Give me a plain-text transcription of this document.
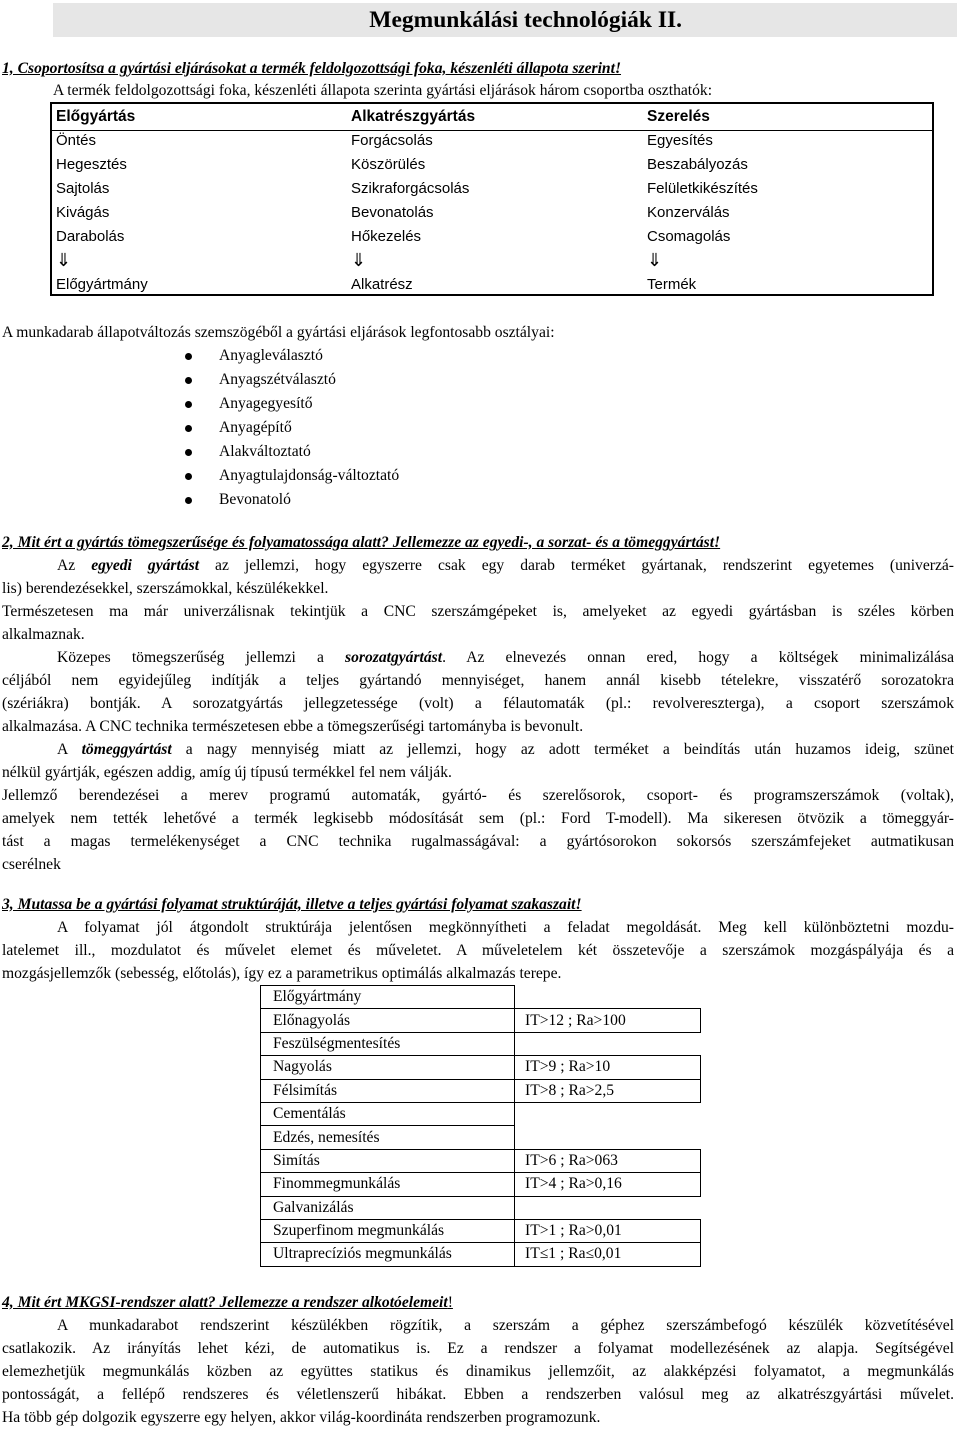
Megmunkálási technológiák II.
1, Csoportosítsa a gyártási eljárásokat a termék feldolgozottsági foka, készenléti állapota szerint!
A termék feldolgozottsági foka, készenléti állapota szerinta gyártási eljárások három csoportba oszthatók:
Előgyártás	Alkatrészgyártás	Szerelés
Öntés	Forgácsolás	Egyesítés
Hegesztés	Köszörülés	Beszabályozás
Sajtolás	Szikraforgácsolás	Felületkikészítés
Kivágás	Bevonatolás	Konzerválás
Darabolás	Hőkezelés	Csomagolás
⇓	⇓	⇓
Előgyártmány	Alkatrész	Termék
A munkadarab állapotváltozás szemszögéből a gyártási eljárások legfontosabb osztályai:
Anyagleválasztó
Anyagszétválasztó
Anyagegyesítő
Anyagépítő
Alakváltoztató
Anyagtulajdonság-változtató
Bevonatoló
2, Mit ért a gyártás tömegszerűsége és folyamatossága alatt? Jellemezze az egyedi-, a sorzat- és a tömeggyártást!
Az egyedi gyártást az jellemzi, hogy egyszerre csak egy darab terméket gyártanak, rendszerint egyetemes (univerzá-
lis) berendezésekkel, szerszámokkal, készülékekkel.
Természetesen ma már univerzálisnak tekintjük a CNC szerszámgépeket is, amelyeket az egyedi gyártásban is széles körben
alkalmaznak.
Közepes tömegszerűség jellemzi a sorozatgyártást. Az elnevezés onnan ered, hogy a költségek minimalizálása
céljából nem egyidejűleg indítják a teljes gyártandó mennyiséget, hanem annál kisebb tételekre, visszatérő sorozatokra
(szériákra) bontják. A sorozatgyártás jellegzetessége (volt) a félautomaták (pl.: revolvereszterga), a csoport szerszámok
alkalmazása. A CNC technika természetesen ebbe a tömegszerűségi tartományba is bevonult.
A tömeggyártást a nagy mennyiség miatt az jellemzi, hogy az adott terméket a beindítás után huzamos ideig, szünet
nélkül gyártják, egészen addig, amíg új típusú termékkel fel nem válják.
Jellemző berendezései a merev programú automaták, gyártó- és szerelősorok, csoport- és programszerszámok (voltak),
amelyek nem tették lehetővé a termék legkisebb módosítását sem (pl.: Ford T-modell). Ma sikeresen ötvözik a tömeggyár-
tást a magas termelékenységet a CNC technika rugalmasságával: a gyártósorokon sokorsós szerszámfejeket autmatikusan
cserélnek
3, Mutassa be a gyártási folyamat struktúráját, illetve a teljes gyártási folyamat szakaszait!
A folyamat jól átgondolt struktúrája jelentősen megkönnyítheti a feladat megoldását. Meg kell különböztetni mozdu-
latelemet ill., mozdulatot és művelet elemet és műveletet. A műveletelem két összetevője a szerszámok mozgáspályája és a
mozgásjellemzők (sebesség, előtolás), így ez a parametrikus optimálás alkalmazás terepe.
Előgyártmány	
Előnagyolás	IT>12 ; Ra>100
Feszülségmentesítés	
Nagyolás	IT>9 ; Ra>10
Félsimítás	IT>8 ; Ra>2,5
Cementálás	
Edzés, nemesítés	
Simítás	IT>6 ; Ra>063
Finommegmunkálás	IT>4 ; Ra>0,16
Galvanizálás	
Szuperfinom megmunkálás	IT>1 ; Ra>0,01
Ultraprecíziós megmunkálás	IT≤1 ; Ra≤0,01
4, Mit ért MKGSI-rendszer alatt? Jellemezze a rendszer alkotóelemeit!
A munkadarabot rendszerint készülékben rögzítik, a szerszám a géphez szerszámbefogó készülék közvetítésével
csatlakozik. Az irányítás lehet kézi, de automatikus is. Ez a rendszer a folyamat modellezésének az alapja. Segítségével
elemezhetjük megmunkálás közben az együttes statikus és dinamikus jellemzőit, az alakképzési folyamatot, a megmunkálás
pontosságát, a fellépő rendszeres és véletlenszerű hibákat. Ebben a rendszerben valósul meg az alkatrészgyártási művelet.
Ha több gép dolgozik egyszerre egy helyen, akkor világ-koordináta rendszerben programozunk.
